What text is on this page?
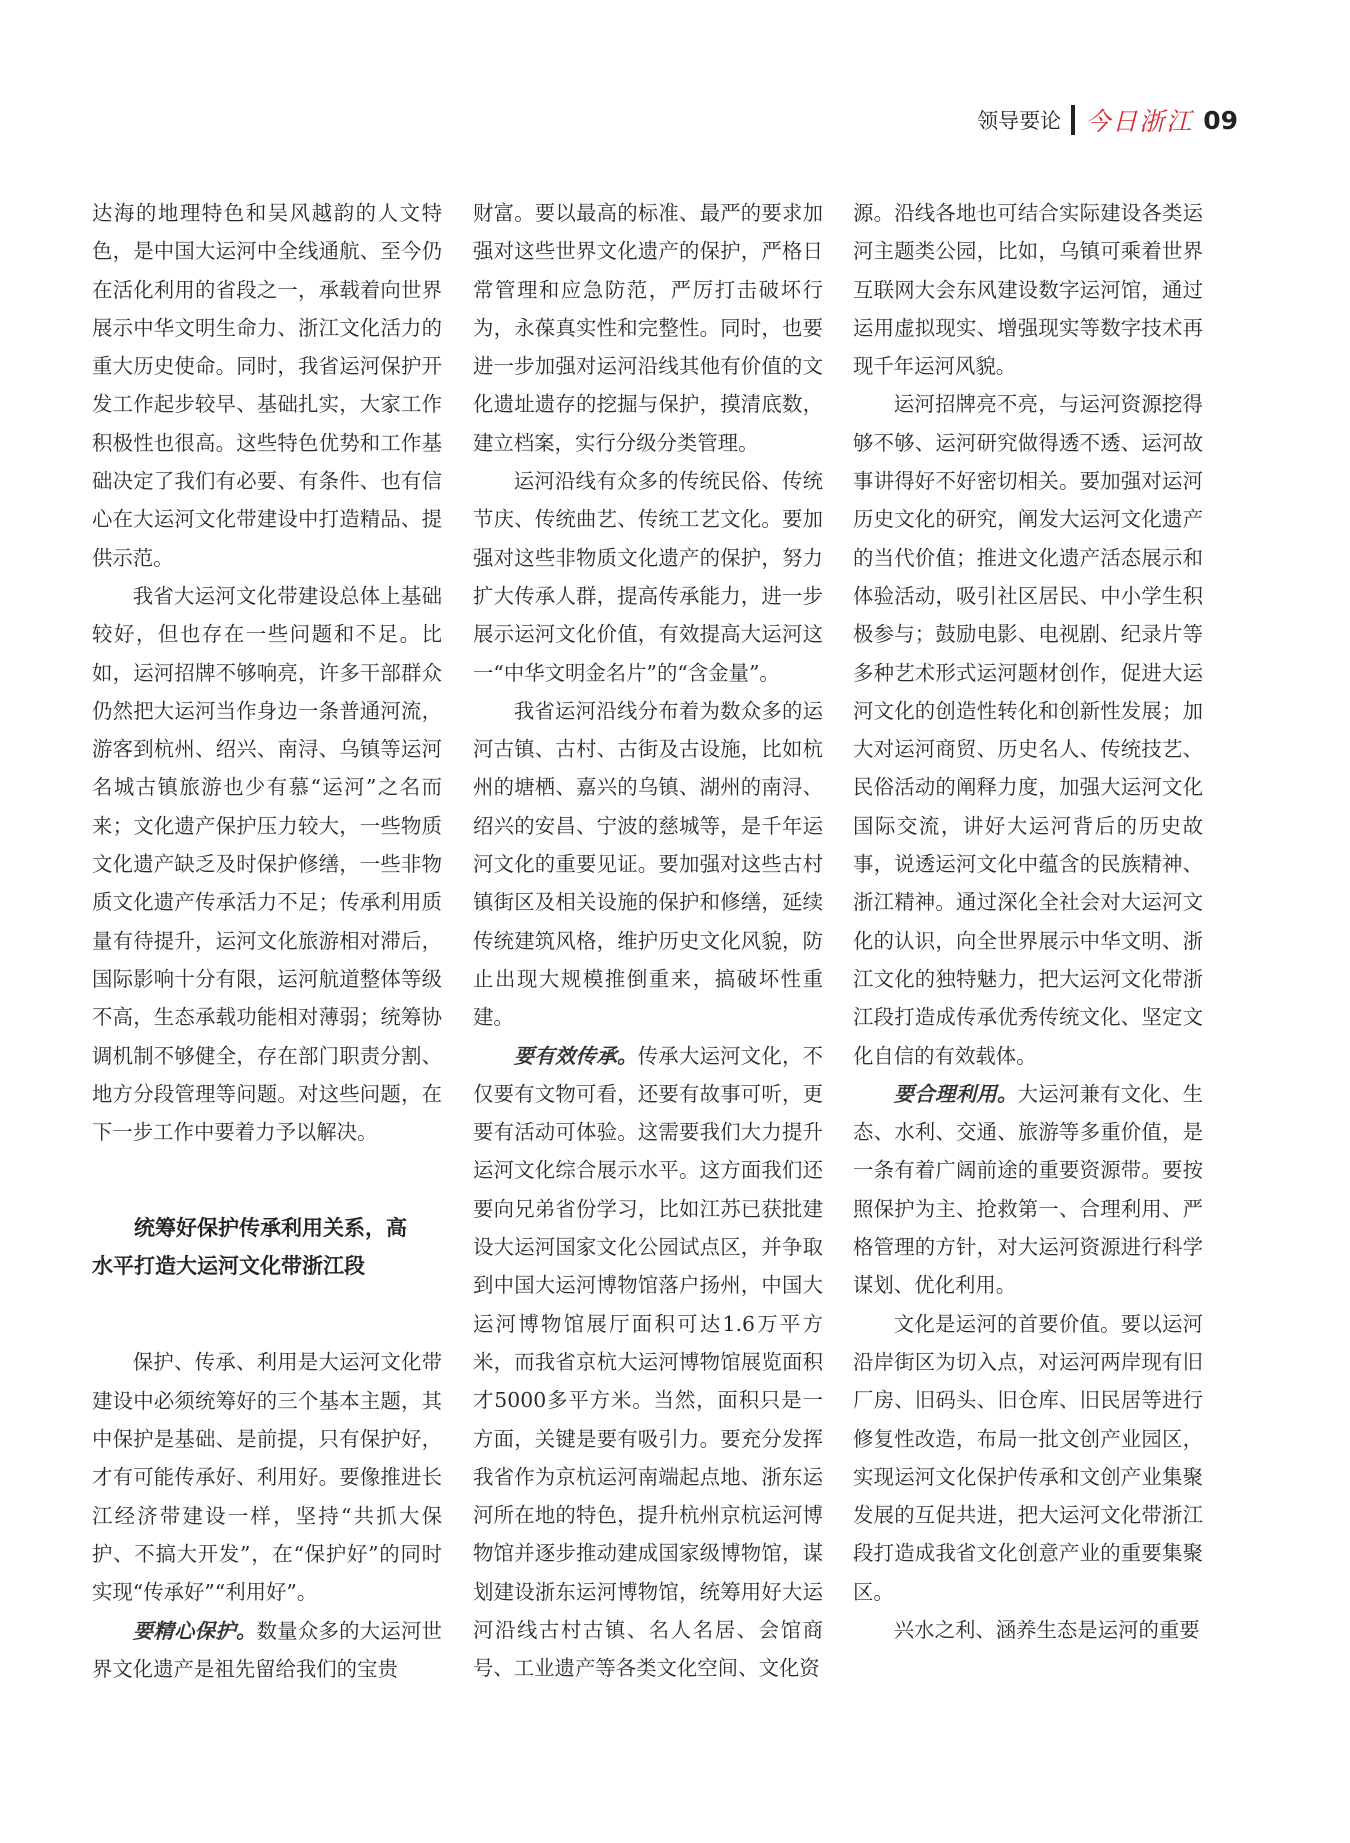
领导要论 今日浙江 09

达海的地理特色和吴风越韵的人文特色，是中国大运河中全线通航、至今仍在活化利用的省段之一，承载着向世界展示中华文明生命力、浙江文化活力的重大历史使命。同时，我省运河保护开发工作起步较早、基础扎实，大家工作积极性也很高。这些特色优势和工作基础决定了我们有必要、有条件、也有信心在大运河文化带建设中打造精品、提供示范。

我省大运河文化带建设总体上基础较好，但也存在一些问题和不足。比如，运河招牌不够响亮，许多干部群众仍然把大运河当作身边一条普通河流，游客到杭州、绍兴、南浔、乌镇等运河名城古镇旅游也少有慕“运河”之名而来；文化遗产保护压力较大，一些物质文化遗产缺乏及时保护修缮，一些非物质文化遗产传承活力不足；传承利用质量有待提升，运河文化旅游相对滞后，国际影响十分有限，运河航道整体等级不高，生态承载功能相对薄弱；统筹协调机制不够健全，存在部门职责分割、地方分段管理等问题。对这些问题，在下一步工作中要着力予以解决。

统筹好保护传承利用关系，高
水平打造大运河文化带浙江段

保护、传承、利用是大运河文化带建设中必须统筹好的三个基本主题，其中保护是基础、是前提，只有保护好，才有可能传承好、利用好。要像推进长江经济带建设一样，坚持“共抓大保护、不搞大开发”，在“保护好”的同时实现“传承好”“利用好”。

要精心保护。数量众多的大运河世界文化遗产是祖先留给我们的宝贵

财富。要以最高的标准、最严的要求加强对这些世界文化遗产的保护，严格日常管理和应急防范，严厉打击破坏行为，永葆真实性和完整性。同时，也要进一步加强对运河沿线其他有价值的文化遗址遗存的挖掘与保护，摸清底数，建立档案，实行分级分类管理。

运河沿线有众多的传统民俗、传统节庆、传统曲艺、传统工艺文化。要加强对这些非物质文化遗产的保护，努力扩大传承人群，提高传承能力，进一步展示运河文化价值，有效提高大运河这一“中华文明金名片”的“含金量”。

我省运河沿线分布着为数众多的运河古镇、古村、古街及古设施，比如杭州的塘栖、嘉兴的乌镇、湖州的南浔、绍兴的安昌、宁波的慈城等，是千年运河文化的重要见证。要加强对这些古村镇街区及相关设施的保护和修缮，延续传统建筑风格，维护历史文化风貌，防止出现大规模推倒重来，搞破坏性重建。

要有效传承。传承大运河文化，不仅要有文物可看，还要有故事可听，更要有活动可体验。这需要我们大力提升运河文化综合展示水平。这方面我们还要向兄弟省份学习，比如江苏已获批建设大运河国家文化公园试点区，并争取到中国大运河博物馆落户扬州，中国大运河博物馆展厅面积可达1.6万平方米，而我省京杭大运河博物馆展览面积才5000多平方米。当然，面积只是一方面，关键是要有吸引力。要充分发挥我省作为京杭运河南端起点地、浙东运河所在地的特色，提升杭州京杭运河博物馆并逐步推动建成国家级博物馆，谋划建设浙东运河博物馆，统筹用好大运河沿线古村古镇、名人名居、会馆商号、工业遗产等各类文化空间、文化资

源。沿线各地也可结合实际建设各类运河主题类公园，比如，乌镇可乘着世界互联网大会东风建设数字运河馆，通过运用虚拟现实、增强现实等数字技术再现千年运河风貌。

运河招牌亮不亮，与运河资源挖得够不够、运河研究做得透不透、运河故事讲得好不好密切相关。要加强对运河历史文化的研究，阐发大运河文化遗产的当代价值；推进文化遗产活态展示和体验活动，吸引社区居民、中小学生积极参与；鼓励电影、电视剧、纪录片等多种艺术形式运河题材创作，促进大运河文化的创造性转化和创新性发展；加大对运河商贸、历史名人、传统技艺、民俗活动的阐释力度，加强大运河文化国际交流，讲好大运河背后的历史故事，说透运河文化中蕴含的民族精神、浙江精神。通过深化全社会对大运河文化的认识，向全世界展示中华文明、浙江文化的独特魅力，把大运河文化带浙江段打造成传承优秀传统文化、坚定文化自信的有效载体。

要合理利用。大运河兼有文化、生态、水利、交通、旅游等多重价值，是一条有着广阔前途的重要资源带。要按照保护为主、抢救第一、合理利用、严格管理的方针，对大运河资源进行科学谋划、优化利用。

文化是运河的首要价值。要以运河沿岸街区为切入点，对运河两岸现有旧厂房、旧码头、旧仓库、旧民居等进行修复性改造，布局一批文创产业园区，实现运河文化保护传承和文创产业集聚发展的互促共进，把大运河文化带浙江段打造成我省文化创意产业的重要集聚区。

兴水之利、涵养生态是运河的重要
